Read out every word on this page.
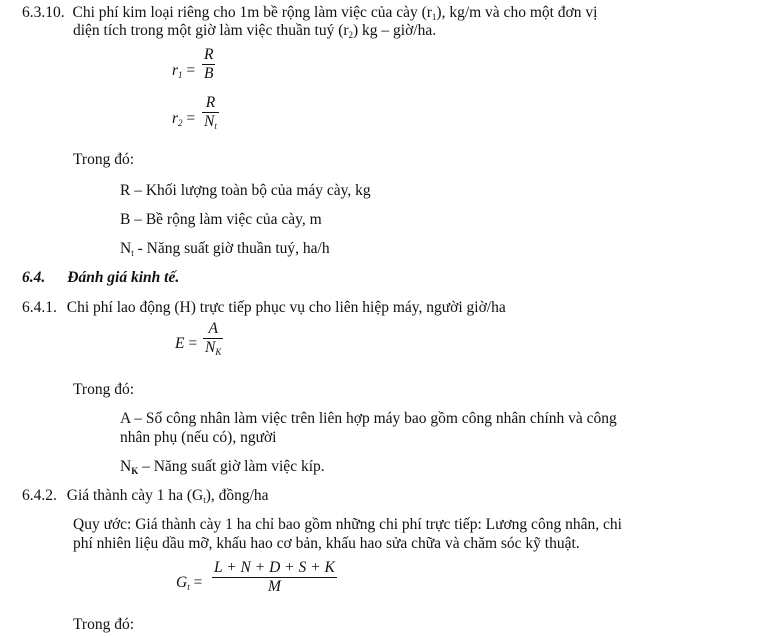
6.3.10. Chi phí kim loại riêng cho 1m bề rộng làm việc của cày $(r_1)$, kg/m và cho một đơn vị
diện tích trong một giờ làm việc thuần tuý $(r_2)$ kg – giờ/ha.
$r_1$ =
R
B
$r_2$ =
R
$N_t$
Trong đó:
R – Khối lượng toàn bộ của máy cày, kg
B – Bề rộng làm việc của cày, m
$N_t$ - Năng suất giờ thuần tuý, ha/h
6.4. Đánh giá kinh tế.
6.4.1. Chi phí lao động (H) trực tiếp phục vụ cho liên hiệp máy, người giờ/ha
E =
A
$N_K$
Trong đó:
A – Số công nhân làm việc trên liên hợp máy bao gồm công nhân chính và công
nhân phụ (nếu có), người
$N_K$ – Năng suất giờ làm việc kíp.
6.4.2. Giá thành cày 1 ha $(G_t)$, đồng/ha
Quy ước: Giá thành cày 1 ha chỉ bao gồm những chi phí trực tiếp: Lương công nhân, chi
phí nhiên liệu dầu mỡ, khấu hao cơ bản, khấu hao sửa chữa và chăm sóc kỹ thuật.
$G_t$ =
L + N + D + S + K
M
Trong đó:
